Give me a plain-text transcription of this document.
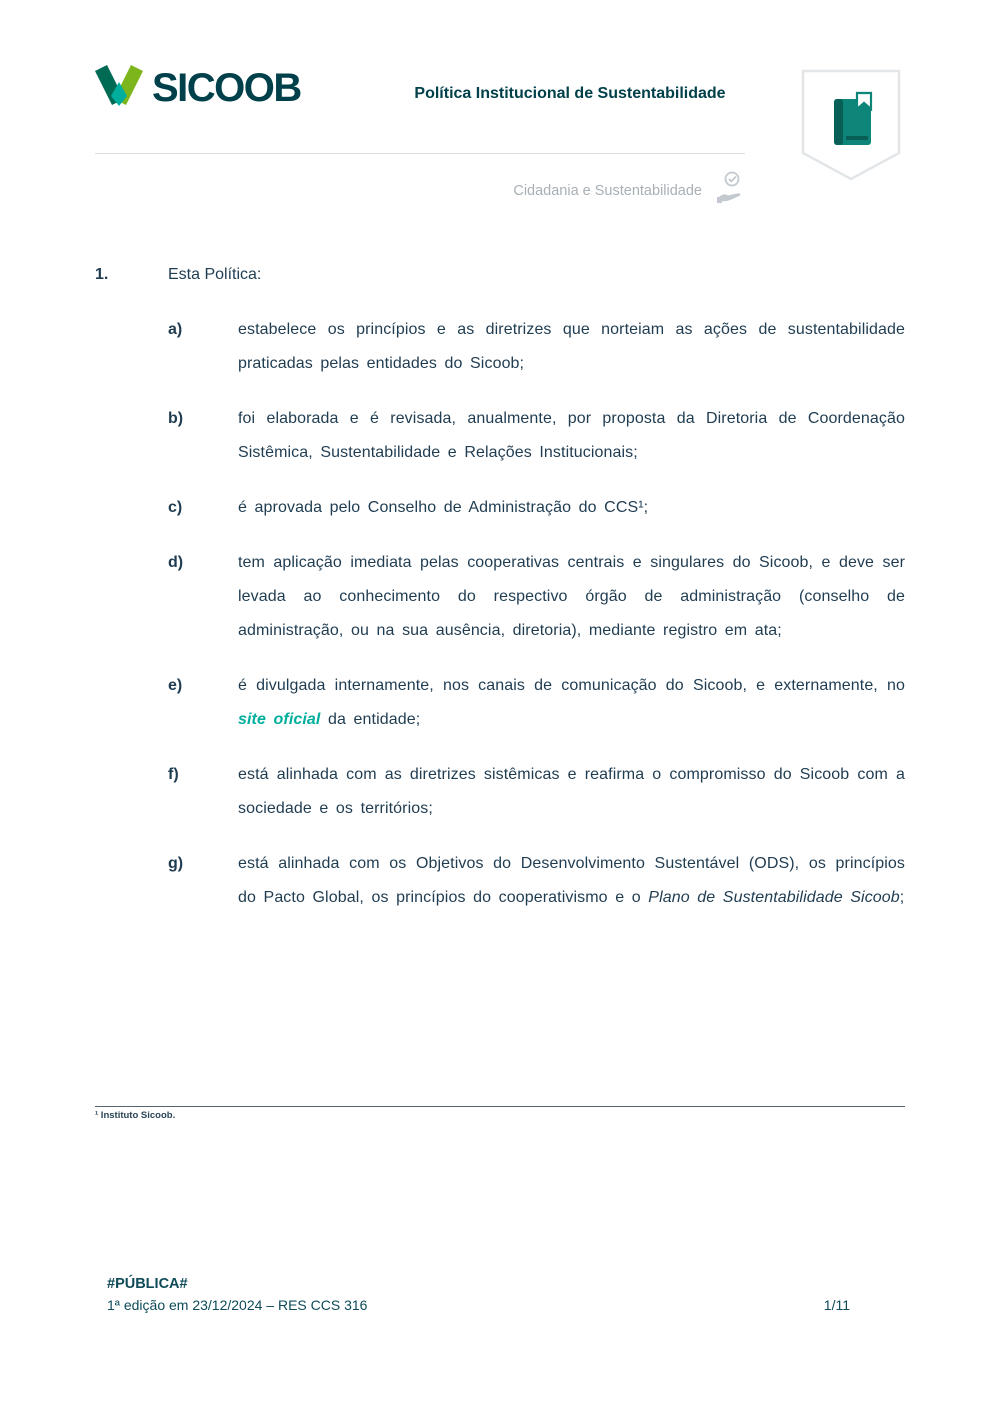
SICOOB	Política Institucional de Sustentabilidade
Cidadania e Sustentabilidade
1.	Esta Política:
a)	estabelece os princípios e as diretrizes que norteiam as ações de sustentabilidade praticadas pelas entidades do Sicoob;

b)	foi elaborada e é revisada, anualmente, por proposta da Diretoria de Coordenação Sistêmica, Sustentabilidade e Relações Institucionais;

c)	é aprovada pelo Conselho de Administração do CCS¹;

d)	tem aplicação imediata pelas cooperativas centrais e singulares do Sicoob, e deve ser levada ao conhecimento do respectivo órgão de administração (conselho de administração, ou na sua ausência, diretoria), mediante registro em ata;

e)	é divulgada internamente, nos canais de comunicação do Sicoob, e externamente, no site oficial da entidade;

f)	está alinhada com as diretrizes sistêmicas e reafirma o compromisso do Sicoob com a sociedade e os territórios;

g)	está alinhada com os Objetivos do Desenvolvimento Sustentável (ODS), os princípios do Pacto Global, os princípios do cooperativismo e o Plano de Sustentabilidade Sicoob;

¹ Instituto Sicoob.
#PÚBLICA#
1ª edição em 23/12/2024 – RES CCS 316	1/11
